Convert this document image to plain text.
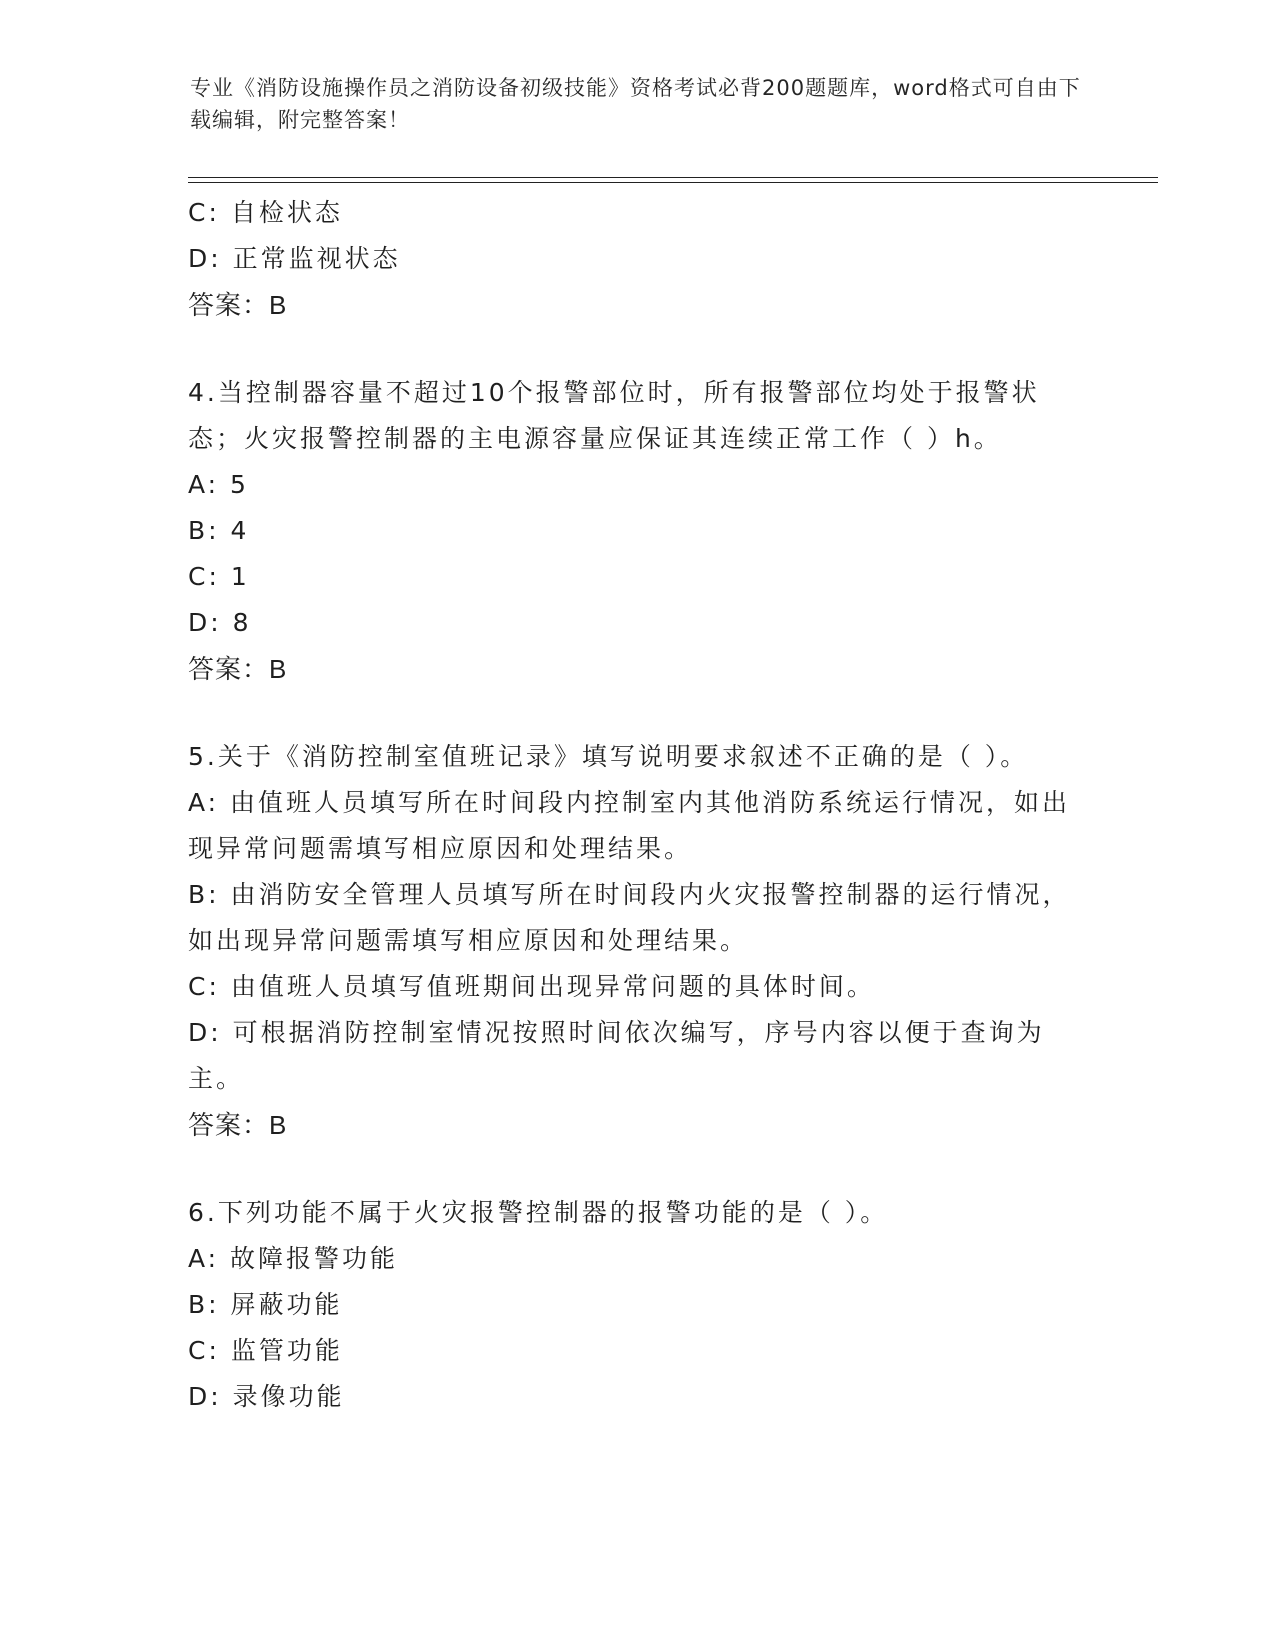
专业《消防设施操作员之消防设备初级技能》资格考试必背200题题库，word格式可自由下载编辑，附完整答案！

C: 自检状态

D: 正常监视状态

答案：B

4.当控制器容量不超过10个报警部位时，所有报警部位均处于报警状态；火灾报警控制器的主电源容量应保证其连续正常工作（ ）h。

A: 5

B: 4

C: 1

D: 8

答案：B

5.关于《消防控制室值班记录》填写说明要求叙述不正确的是（ ）。

A: 由值班人员填写所在时间段内控制室内其他消防系统运行情况，如出现异常问题需填写相应原因和处理结果。

B: 由消防安全管理人员填写所在时间段内火灾报警控制器的运行情况，如出现异常问题需填写相应原因和处理结果。

C: 由值班人员填写值班期间出现异常问题的具体时间。

D: 可根据消防控制室情况按照时间依次编写，序号内容以便于查询为主。

答案：B

6.下列功能不属于火灾报警控制器的报警功能的是（ ）。

A: 故障报警功能

B: 屏蔽功能

C: 监管功能

D: 录像功能
